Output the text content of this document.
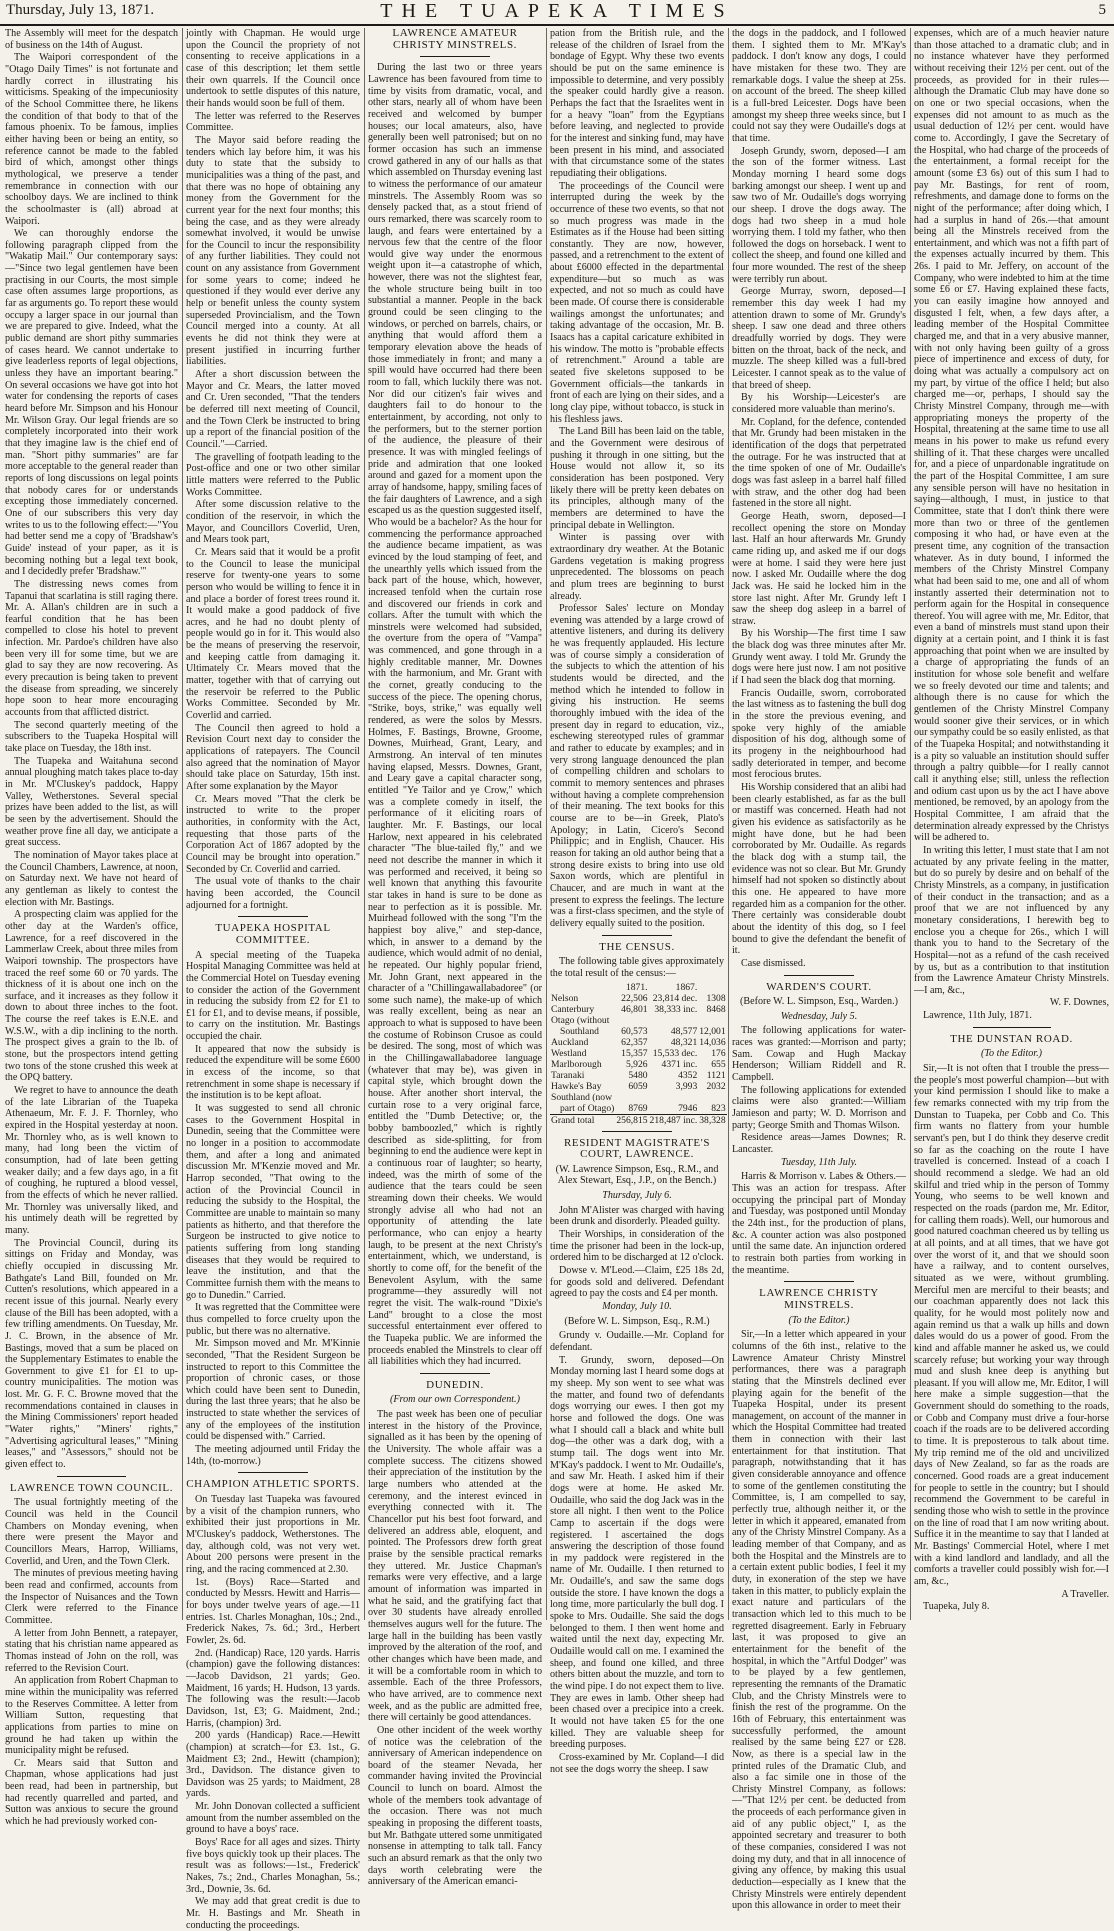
Thursday, July 13, 1871.	THE TUAPEKA TIMES	5

The Assembly will meet for the despatch of business on the 14th of August.

The Waipori correspondent of the "Otago Daily Times" is not fortunate and hardly correct in illustrating his witticisms. Speaking of the impecuniosity of the School Committee there, he likens the condition of that body to that of the famous phoenix. To be famous, implies either having been or being an entity, so reference cannot be made to the fabled bird of which, amongst other things mythological, we preserve a tender remembrance in connection with our schoolboy days. We are inclined to think the schoolmaster is (all) abroad at Waipori.

We can thoroughly endorse the following paragraph clipped from the "Wakatip Mail." Our contemporary says:—"Since two legal gentlemen have been practising in our Courts, the most simple case often assumes large proportions, as far as arguments go. To report these would occupy a larger space in our journal than we are prepared to give. Indeed, what the public demand are short pithy summaries of cases heard. We cannot undertake to give leaderless reports of legal objections, unless they have an important bearing." On several occasions we have got into hot water for condensing the reports of cases heard before Mr. Simpson and his Honour Mr. Wilson Gray. Our legal friends are so completely incorporated into their work that they imagine law is the chief end of man. "Short pithy summaries" are far more acceptable to the general reader than reports of long discussions on legal points that nobody cares for or understands excepting those immediately concerned. One of our subscribers this very day writes to us to the following effect:—"You had better send me a copy of 'Bradshaw's Guide' instead of your paper, as it is becoming nothing but a legal text book, and I decidedly prefer 'Bradshaw.'"

The distressing news comes from Tapanui that scarlatina is still raging there. Mr. A. Allan's children are in such a fearful condition that he has been compelled to close his hotel to prevent infection. Mr. Pardoe's children have also been very ill for some time, but we are glad to say they are now recovering. As every precaution is being taken to prevent the disease from spreading, we sincerely hope soon to hear more encouraging accounts from that afflicted district.

The second quarterly meeting of the subscribers to the Tuapeka Hospital will take place on Tuesday, the 18th inst.

The Tuapeka and Waitahuna second annual ploughing match takes place to-day in Mr. M'Cluskey's paddock, Happy Valley, Wetherstones. Several special prizes have been added to the list, as will be seen by the advertisement. Should the weather prove fine all day, we anticipate a great success.

The nomination of Mayor takes place at the Council Chambers, Lawrence, at noon, on Saturday next. We have not heard of any gentleman as likely to contest the election with Mr. Bastings.

A prospecting claim was applied for the other day at the Warden's office, Lawrence, for a reef discovered in the Lammerlaw Creek, about three miles from Waipori township. The prospectors have traced the reef some 60 or 70 yards. The thickness of it is about one inch on the surface, and it increases as they follow it down to about three inches to the foot. The course the reef takes is E.N.E. and W.S.W., with a dip inclining to the north. The prospect gives a grain to the lb. of stone, but the prospectors intend getting two tons of the stone crushed this week at the OPQ battery.

We regret to have to announce the death of the late Librarian of the Tuapeka Athenaeum, Mr. F. J. F. Thornley, who expired in the Hospital yesterday at noon. Mr. Thornley who, as is well known to many, had long been the victim of consumption, had of late been getting weaker daily; and a few days ago, in a fit of coughing, he ruptured a blood vessel, from the effects of which he never rallied. Mr. Thornley was universally liked, and his untimely death will be regretted by many.

The Provincial Council, during its sittings on Friday and Monday, was chiefly occupied in discussing Mr. Bathgate's Land Bill, founded on Mr. Cutten's resolutions, which appeared in a recent issue of this journal. Nearly every clause of the Bill has been adopted, with a few trifling amendments. On Tuesday, Mr. J. C. Brown, in the absence of Mr. Bastings, moved that a sum be placed on the Supplementary Estimates to enable the Government to give £1 for £1 to up-country municipalities. The motion was lost. Mr. G. F. C. Browne moved that the recommendations contained in clauses in the Mining Commissioners' report headed "Water rights," "Miners' rights," "Advertising agricultural leases," "Mining leases," and "Assessors," should not be given effect to.

LAWRENCE TOWN COUNCIL.

The usual fortnightly meeting of the Council was held in the Council Chambers on Monday evening, when there were present the Mayor and Councillors Mears, Harrop, Williams, Coverlid, and Uren, and the Town Clerk.

The minutes of previous meeting having been read and confirmed, accounts from the Inspector of Nuisances and the Town Clerk were referred to the Finance Committee.

A letter from John Bennett, a ratepayer, stating that his christian name appeared as Thomas instead of John on the roll, was referred to the Revision Court.

An application from Robert Chapman to mine within the municipality was referred to the Reserves Committee. A letter from William Sutton, requesting that applications from parties to mine on ground he had taken up within the municipality might be refused.

Cr. Mears said that Sutton and Chapman, whose applications had just been read, had been in partnership, but had recently quarrelled and parted, and Sutton was anxious to secure the ground which he had previously worked con-

jointly with Chapman. He would urge upon the Council the propriety of not consenting to receive applications in a case of this description; let them settle their own quarrels. If the Council once undertook to settle disputes of this nature, their hands would soon be full of them.

The letter was referred to the Reserves Committee.

The Mayor said before reading the tenders which lay before him, it was his duty to state that the subsidy to municipalities was a thing of the past, and that there was no hope of obtaining any money from the Government for the current year for the next four months; this being the case, and as they were already somewhat involved, it would be unwise for the Council to incur the responsibility of any further liabilities. They could not count on any assistance from Government for some years to come; indeed he questioned if they would ever derive any help or benefit unless the county system superseded Provincialism, and the Town Council merged into a county. At all events he did not think they were at present justified in incurring further liabilities.

After a short discussion between the Mayor and Cr. Mears, the latter moved and Cr. Uren seconded, "That the tenders be deferred till next meeting of Council, and the Town Clerk be instructed to bring up a report of the financial position of the Council."—Carried.

The gravelling of footpath leading to the Post-office and one or two other similar little matters were referred to the Public Works Committee.

After some discussion relative to the condition of the reservoir, in which the Mayor, and Councillors Coverlid, Uren, and Mears took part,

Cr. Mears said that it would be a profit to the Council to lease the municipal reserve for twenty-one years to some person who would be willing to fence it in and place a border of forest trees round it. It would make a good paddock of five acres, and he had no doubt plenty of people would go in for it. This would also be the means of preserving the reservoir, and keeping cattle from damaging it. Ultimately Cr. Mears moved that the matter, together with that of carrying out the reservoir be referred to the Public Works Committee. Seconded by Mr. Coverlid and carried.

The Council then agreed to hold a Revision Court next day to consider the applications of ratepayers. The Council also agreed that the nomination of Mayor should take place on Saturday, 15th inst. After some explanation by the Mayor

Cr. Mears moved "That the clerk be instructed to write to the proper authorities, in conformity with the Act, requesting that those parts of the Corporation Act of 1867 adopted by the Council may be brought into operation." Seconded by Cr. Coverlid and carried.

The usual vote of thanks to the chair having been accorded, the Council adjourned for a fortnight.

TUAPEKA HOSPITAL COMMITTEE.

A special meeting of the Tuapeka Hospital Managing Committee was held at the Commercial Hotel on Tuesday evening to consider the action of the Government in reducing the subsidy from £2 for £1 to £1 for £1, and to devise means, if possible, to carry on the institution. Mr. Bastings occupied the chair.

It appeared that now the subsidy is reduced the expenditure will be some £600 in excess of the income, so that retrenchment in some shape is necessary if the institution is to be kept afloat.

It was suggested to send all chronic cases to the Government Hospital in Dunedin, seeing that the Committee were no longer in a position to accommodate them, and after a long and animated discussion Mr. M'Kenzie moved and Mr. Harrop seconded, "That owing to the action of the Provincial Council in reducing the subsidy to the Hospital, the Committee are unable to maintain so many patients as hitherto, and that therefore the Surgeon be instructed to give notice to patients suffering from long standing diseases that they would be required to leave the institution, and that the Committee furnish them with the means to go to Dunedin." Carried.

It was regretted that the Committee were thus compelled to force cruelty upon the public, but there was no alternative.

Mr. Simpson moved and Mr. M'Kinnie seconded, "That the Resident Surgeon be instructed to report to this Committee the proportion of chronic cases, or those which could have been sent to Dunedin, during the last three years; that he also be instructed to state whether the services of any of the employees of the institution could be dispensed with." Carried.

The meeting adjourned until Friday the 14th, (to-morrow.)

CHAMPION ATHLETIC SPORTS.

On Tuesday last Tuapeka was favoured by a visit of the champion runners, who exhibited their just proportions in Mr. M'Cluskey's paddock, Wetherstones. The day, although cold, was not very wet. About 200 persons were present in the ring, and the racing commenced at 2.30.

1st. (Boys) Race—Started and conducted by Messrs. Hewitt and Harris—for boys under twelve years of age.—11 entries. 1st. Charles Monaghan, 10s.; 2nd., Frederick Nakes, 7s. 6d.; 3rd., Herbert Fowler, 2s. 6d.

2nd. (Handicap) Race, 120 yards. Harris (champion) gave the following distances:—Jacob Davidson, 21 yards; Geo. Maidment, 16 yards; H. Hudson, 13 yards. The following was the result:—Jacob Davidson, 1st, £3; G. Maidment, 2nd.; Harris, (champion) 3rd.

200 yards (Handicap) Race.—Hewitt (champion) at scratch—for £3. 1st., G. Maidment £3; 2nd., Hewitt (champion); 3rd., Davidson. The distance given to Davidson was 25 yards; to Maidment, 28 yards.

Mr. John Donovan collected a sufficient amount from the number assembled on the ground to have a boys' race.

Boys' Race for all ages and sizes. Thirty five boys quickly took up their places. The result was as follows:—1st., Frederick' Nakes, 7s.; 2nd., Charles Monaghan, 5s.; 3rd., Downie, 3s. 6d.

We may add that great credit is due to Mr. H. Bastings and Mr. Sheath in conducting the proceedings.

LAWRENCE AMATEUR CHRISTY MINSTRELS.

During the last two or three years Lawrence has been favoured from time to time by visits from dramatic, vocal, and other stars, nearly all of whom have been received and welcomed by bumper houses; our local amateurs, also, have generally been well patronised; but on no former occasion has such an immense crowd gathered in any of our halls as that which assembled on Thursday evening last to witness the performance of our amateur minstrels. The Assembly Room was so densely packed that, as a stout friend of ours remarked, there was scarcely room to laugh, and fears were entertained by a nervous few that the centre of the floor would give way under the enormous weight upon it—a catastrophe of which, however, there was not the slightest fear, the whole structure being built in too substantial a manner. People in the back ground could be seen clinging to the windows, or perched on barrels, chairs, or anything that would afford them a temporary elevation above the heads of those immediately in front; and many a spill would have occurred had there been room to fall, which luckily there was not. Nor did our citizen's fair wives and daughters fail to do honour to the entertainment, by according, not only to the performers, but to the sterner portion of the audience, the pleasure of their presence. It was with mingled feelings of pride and admiration that one looked around and gazed for a moment upon the array of handsome, happy, smiling faces of the fair daughters of Lawrence, and a sigh escaped us as the question suggested itself, Who would be a bachelor? As the hour for commencing the performance approached the audience became impatient, as was evinced by the loud stamping of feet, and the unearthly yells which issued from the back part of the house, which, however, increased tenfold when the curtain rose and discovered our friends in cork and collars. After the tumult with which the minstrels were welcomed had subsided, the overture from the opera of "Vampa" was commenced, and gone through in a highly creditable manner, Mr. Downes with the harmonium, and Mr. Grant with the cornet, greatly conducing to the success of the piece. The opening chorus, "Strike, boys, strike," was equally well rendered, as were the solos by Messrs. Holmes, F. Bastings, Browne, Groome, Downes, Muirhead, Grant, Leary, and Armstrong. An interval of ten minutes having elapsed, Messrs. Downes, Grant, and Leary gave a capital character song, entitled "Ye Tailor and ye Crow," which was a complete comedy in itself, the performance of it eliciting roars of laughter. Mr. F. Bastings, our local Harlow, next appeared in his celebrated character "The blue-tailed fly," and we need not describe the manner in which it was performed and received, it being so well known that anything this favourite star takes in hand is sure to be done as near to perfection as it is possible. Mr. Muirhead followed with the song "I'm the happiest boy alive," and step-dance, which, in answer to a demand by the audience, which would admit of no denial, he repeated. Our highly popular friend, Mr. John Grant, next appeared in the character of a "Chillingawallabadoree" (or some such name), the make-up of which was really excellent, being as near an approach to what is supposed to have been the costume of Robinson Crusoe as could be desired. The song, most of which was in the Chillingawallabadoree language (whatever that may be), was given in capital style, which brought down the house. After another short interval, the curtain rose to a very original farce, entitled the "Dumb Detective; or, the bobby bamboozled," which is rightly described as side-splitting, for from beginning to end the audience were kept in a continuous roar of laughter; so hearty, indeed, was the mirth of some of the audience that the tears could be seen streaming down their cheeks. We would strongly advise all who had not an opportunity of attending the late performance, who can enjoy a hearty laugh, to be present at the next Christy's entertainment, which, we understand, is shortly to come off, for the benefit of the Benevolent Asylum, with the same programme—they assuredly will not regret the visit. The walk-round "Dixie's Land" brought to a close the most successful entertainment ever offered to the Tuapeka public. We are informed the proceeds enabled the Minstrels to clear off all liabilities which they had incurred.

DUNEDIN.
(From our own Correspondent.)

The past week has been one of peculiar interest in the history of the Province, signalled as it has been by the opening of the University. The whole affair was a complete success. The citizens showed their appreciation of the institution by the large numbers who attended at the ceremony, and the interest evinced in everything connected with it. The Chancellor put his best foot forward, and delivered an address able, eloquent, and pointed. The Professors drew forth great praise by the sensible practical remarks they uttered. Mr. Justice Chapman's remarks were very effective, and a large amount of information was imparted in what he said, and the gratifying fact that over 30 students have already enrolled themselves augurs well for the future. The large hall in the building has been vastly improved by the alteration of the roof, and other changes which have been made, and it will be a comfortable room in which to assemble. Each of the three Professors, who have arrived, are to commence next week, and as the public are admitted free, there will certainly be good attendances.

One other incident of the week worthy of notice was the celebration of the anniversary of American independence on board of the steamer Nevada, her commander having invited the Provincial Council to lunch on board. Almost the whole of the members took advantage of the occasion. There was not much speaking in proposing the different toasts, but Mr. Bathgate uttered some unmitigated nonsense in attempting to talk tall. Fancy such an absurd remark as that the only two days worth celebrating were the anniversary of the American emanci-

pation from the British rule, and the release of the children of Israel from the bondage of Egypt. Why these two events should be put on the same eminence is impossible to determine, and very possibly the speaker could hardly give a reason. Perhaps the fact that the Israelites went in for a heavy "loan" from the Egyptians before leaving, and neglected to provide for the interest and sinking fund, may have been present in his mind, and associated with that circumstance some of the states repudiating their obligations.

The proceedings of the Council were interrupted during the week by the occurrence of these two events, so that not so much progress was made in the Estimates as if the House had been sitting constantly. They are now, however, passed, and a retrenchment to the extent of about £6000 effected in the departmental expenditure—but so much as was expected, and not so much as could have been made. Of course there is considerable wailings amongst the unfortunates; and taking advantage of the occasion, Mr. B. Isaacs has a capital caricature exhibited in his window. The motto is "probable effects of retrenchment." Around a table are seated five skeletons supposed to be Government officials—the tankards in front of each are lying on their sides, and a long clay pipe, without tobacco, is stuck in his fleshless jaws.

The Land Bill has been laid on the table, and the Government were desirous of pushing it through in one sitting, but the House would not allow it, so its consideration has been postponed. Very likely there will be pretty keen debates on its principles, although many of the members are determined to have the principal debate in Wellington.

Winter is passing over with extraordinary dry weather. At the Botanic Gardens vegetation is making progress unprecedented. The blossoms on peach and plum trees are beginning to burst already.

Professor Sales' lecture on Monday evening was attended by a large crowd of attentive listeners, and during its delivery he was frequently applauded. His lecture was of course simply a consideration of the subjects to which the attention of his students would be directed, and the method which he intended to follow in giving his instruction. He seems thoroughly imbued with the idea of the present day in regard to education, viz., eschewing stereotyped rules of grammar and rather to educate by examples; and in very strong language denounced the plan of compelling children and scholars to commit to memory sentences and phrases without having a complete comprehension of their meaning. The text books for this course are to be—in Greek, Plato's Apology; in Latin, Cicero's Second Philippic; and in English, Chaucer. His reason for taking an old author being that a strong desire exists to bring into use old Saxon words, which are plentiful in Chaucer, and are much in want at the present to express the feelings. The lecture was a first-class specimen, and the style of delivery equally suited to the position.

THE CENSUS.

The following table gives approximately the total result of the census:—

	1871.	1867.	
Nelson	22,506	23,814 dec.	1308
Canterbury	46,801	38,333 inc.	8468
Otago (without			
Southland	60,573	48,577	12,001
Auckland	62,357	48,321	14,036
Westland	15,357	15,533 dec.	176
Marlborough	5,926	4371 inc.	655
Taranaki	5480	4352	1121
Hawke's Bay	6059	3,993	2032
Southland (now			
part of Otago)	8769	7946	823
Grand total	256,815	218,487 inc.	38,328
RESIDENT MAGISTRATE'S COURT, LAWRENCE.
(W. Lawrence Simpson, Esq., R.M., and Alex Stewart, Esq., J.P., on the Bench.)
Thursday, July 6.

John M'Alister was charged with having been drunk and disorderly. Pleaded guilty.

Their Worships, in consideration of the time the prisoner had been in the lock-up, ordered him to be discharged at 12 o'clock.

Dowse v. M'Leod.—Claim, £25 18s 2d, for goods sold and delivered. Defendant agreed to pay the costs and £4 per month.

Monday, July 10.
(Before W. L. Simpson, Esq., R.M.)

Grundy v. Oudaille.—Mr. Copland for defendant.

T. Grundy, sworn, deposed—On Monday morning last I heard some dogs at my sheep. My son went to see what was the matter, and found two of defendants dogs worrying our ewes. I then got my horse and followed the dogs. One was what I should call a black and white bull dog—the other was a dark dog, with a stump tail. The dogs went into Mr. M'Kay's paddock. I went to Mr. Oudaille's, and saw Mr. Heath. I asked him if their dogs were at home. He asked Mr. Oudaille, who said the dog Jack was in the store all night. I then went to the Police Camp to ascertain if the dogs were registered. I ascertained the dogs answering the description of those found in my paddock were registered in the name of Mr. Oudaille. I then returned to Mr. Oudaille's, and saw the same dogs outside the store. I have known the dogs a long time, more particularly the bull dog. I spoke to Mrs. Oudaille. She said the dogs belonged to them. I then went home and waited until the next day, expecting Mr. Oudaille would call on me. I examined the sheep, and found one killed, and three others bitten about the muzzle, and torn to the wind pipe. I do not expect them to live. They are ewes in lamb. Other sheep had been chased over a precipice into a creek. It would not have taken £5 for the one killed. They are valuable sheep for breeding purposes.

Cross-examined by Mr. Copland—I did not see the dogs worry the sheep. I saw

the dogs in the paddock, and I followed them. I sighted them to Mr. M'Kay's paddock. I don't know any dogs, I could have mistaken for these two. They are remarkable dogs. I value the sheep at 25s. on account of the breed. The sheep killed is a full-bred Leicester. Dogs have been amongst my sheep three weeks since, but I could not say they were Oudaille's dogs at that time.

Joseph Grundy, sworn, deposed—I am the son of the former witness. Last Monday morning I heard some dogs barking amongst our sheep. I went up and saw two of Mr. Oudaille's dogs worrying our sheep. I drove the dogs away. The dogs had two sheep in a mud hole worrying them. I told my father, who then followed the dogs on horseback. I went to collect the sheep, and found one killed and four more wounded. The rest of the sheep were terribly run about.

George Murray, sworn, deposed—I remember this day week I had my attention drawn to some of Mr. Grundy's sheep. I saw one dead and three others dreadfully worried by dogs. They were bitten on the throat, back of the neck, and muzzle. The sheep killed was a full-bred Leicester. I cannot speak as to the value of that breed of sheep.

By his Worship—Leicester's are considered more valuable than merino's.

Mr. Copland, for the defence, contended that Mr. Grundy had been mistaken in the identification of the dogs that perpetrated the outrage. For he was instructed that at the time spoken of one of Mr. Oudaille's dogs was fast asleep in a barrel half filled with straw, and the other dog had been fastened in the store all night.

George Heath, sworn, deposed—I recollect opening the store on Monday last. Half an hour afterwards Mr. Grundy came riding up, and asked me if our dogs were at home. I said they were here just now. I asked Mr. Oudaille where the dog Jack was. He said he locked him in the store last night. After Mr. Grundy left I saw the sheep dog asleep in a barrel of straw.

By his Worship—The first time I saw the black dog was three minutes after Mr. Grundy went away. I told Mr. Grundy the dogs were here just now. I am not positive if I had seen the black dog that morning.

Francis Oudaille, sworn, corroborated the last witness as to fastening the bull dog in the store the previous evening, and spoke very highly of the amiable disposition of his dog, although some of its progeny in the neighbourhood had sadly deteriorated in temper, and become most ferocious brutes.

His Worship considered that an alibi had been clearly established, as far as the bull or mastiff was concerned. Heath had not given his evidence as satisfactorily as he might have done, but he had been corroborated by Mr. Oudaille. As regards the black dog with a stump tail, the evidence was not so clear. But Mr. Grundy himself had not spoken so distinctly about this one. He appeared to have more regarded him as a companion for the other. There certainly was considerable doubt about the identity of this dog, so I feel bound to give the defendant the benefit of it.

Case dismissed.

WARDEN'S COURT.
(Before W. L. Simpson, Esq., Warden.)
Wednesday, July 5.

The following applications for water-races was granted:—Morrison and party; Sam. Cowap and Hugh Mackay Henderson; William Riddell and R. Campbell.

The following applications for extended claims were also granted:—William Jamieson and party; W. D. Morrison and party; George Smith and Thomas Wilson.

Residence areas—James Downes; R. Lancaster.

Tuesday, 11th July.

Harris & Morrison v. Labes & Others.—This was an action for trespass. After occupying the principal part of Monday and Tuesday, was postponed until Monday the 24th inst., for the production of plans, &c. A counter action was also postponed until the same date. An injunction ordered to restrain both parties from working in the meantime.

LAWRENCE CHRISTY MINSTRELS.
(To the Editor.)

Sir,—In a letter which appeared in your columns of the 6th inst., relative to the Lawrence Amateur Christy Minstrel performances, there was a paragraph stating that the Minstrels declined ever playing again for the benefit of the Tuapeka Hospital, under its present management, on account of the manner in which the Hospital Committee had treated them in connection with their last entertainment for that institution. That paragraph, notwithstanding that it has given considerable annoyance and offence to some of the gentlemen constituting the Committee, is, I am compelled to say, perfectly true, although neither it, or the letter in which it appeared, emanated from any of the Christy Minstrel Company. As a leading member of that Company, and as both the Hospital and the Minstrels are to a certain extent public bodies, I feel it my duty, in exoneration of the step we have taken in this matter, to publicly explain the exact nature and particulars of the transaction which led to this much to be regretted disagreement. Early in February last, it was proposed to give an entertainment for the benefit of the hospital, in which the "Artful Dodger" was to be played by a few gentlemen, representing the remnants of the Dramatic Club, and the Christy Minstrels were to finish the rest of the programme. On the 16th of February, this entertainment was successfully performed, the amount realised by the same being £27 or £28. Now, as there is a special law in the printed rules of the Dramatic Club, and also a fac simile one in those of the Christy Minstrel Company, as follows:—"That 12½ per cent. be deducted from the proceeds of each performance given in aid of any public object," I, as the appointed secretary and treasurer to both of these companies, considered I was not doing my duty, and that in all innocence of giving any offence, by making this usual deduction—especially as I knew that the Christy Minstrels were entirely dependent upon this allowance in order to meet their

expenses, which are of a much heavier nature than those attached to a dramatic club; and in no instance whatever have they performed without receiving their 12½ per cent. out of the proceeds, as provided for in their rules—although the Dramatic Club may have done so on one or two special occasions, when the expenses did not amount to as much as the usual deduction of 12½ per cent. would have come to. Accordingly, I gave the Secretary of the Hospital, who had charge of the proceeds of the entertainment, a formal receipt for the amount (some £3 6s) out of this sum I had to pay Mr. Bastings, for rent of room, refreshments, and damage done to forms on the night of the performance; after doing which, I had a surplus in hand of 26s.—that amount being all the Minstrels received from the entertainment, and which was not a fifth part of the expenses actually incurred by them. This 26s. I paid to Mr. Jeffery, on account of the Company, who were indebted to him at the time some £6 or £7. Having explained these facts, you can easily imagine how annoyed and disgusted I felt, when, a few days after, a leading member of the Hospital Committee charged me, and that in a very abusive manner, with not only having been guilty of a gross piece of impertinence and excess of duty, for doing what was actually a compulsory act on my part, by virtue of the office I held; but also charged me—or, perhaps, I should say the Christy Minstrel Company, through me—with appropriating moneys the property of the Hospital, threatening at the same time to use all means in his power to make us refund every shilling of it. That these charges were uncalled for, and a piece of unpardonable ingratitude on the part of the Hospital Committee, I am sure any sensible person will have no hesitation in saying—although, I must, in justice to that Committee, state that I don't think there were more than two or three of the gentlemen composing it who had, or have even at the present time, any cognition of the transaction whatever. As in duty bound, I informed the members of the Christy Minstrel Company what had been said to me, one and all of whom instantly asserted their determination not to perform again for the Hospital in consequence thereof. You will agree with me, Mr. Editor, that even a band of minstrels must stand upon their dignity at a certain point, and I think it is fast approaching that point when we are insulted by a charge of appropriating the funds of an institution for whose sole benefit and welfare we so freely devoted our time and talents; and although there is no cause for which the gentlemen of the Christy Minstrel Company would sooner give their services, or in which our sympathy could be so easily enlisted, as that of the Tuapeka Hospital; and notwithstanding it is a pity so valuable an institution should suffer through a paltry quibble—for I really cannot call it anything else; still, unless the reflection and odium cast upon us by the act I have above mentioned, be removed, by an apology from the Hospital Committee, I am afraid that the determination already expressed by the Christys will be adhered to.

In writing this letter, I must state that I am not actuated by any private feeling in the matter, but do so purely by desire and on behalf of the Christy Minstrels, as a company, in justification of their conduct in the transaction; and as a proof that we are not influenced by any monetary considerations, I herewith beg to enclose you a cheque for 26s., which I will thank you to hand to the Secretary of the Hospital—not as a refund of the cash received by us, but as a contribution to that institution from the Lawrence Amateur Christy Minstrels.—I am, &c.,

W. F. Downes,

Lawrence, 11th July, 1871.

THE DUNSTAN ROAD.
(To the Editor.)

Sir,—It is not often that I trouble the press—the people's most powerful champion—but with your kind permission I should like to make a few remarks connected with my trip from the Dunstan to Tuapeka, per Cobb and Co. This firm wants no flattery from your humble servant's pen, but I do think they deserve credit so far as the coaching on the route I have travelled is concerned. Instead of a coach I should recommend a sledge. We had an old skilful and tried whip in the person of Tommy Young, who seems to be well known and respected on the roads (pardon me, Mr. Editor, for calling them roads). Well, our humorous and good natured coachman cheered us by telling us at all points, and at all times, that we have got over the worst of it, and that we should soon have a railway, and to content ourselves, situated as we were, without grumbling. Merciful men are merciful to their beasts; and our coachman apparently does not lack this quality, for he would most politely now and again remind us that a walk up hills and down dales would do us a power of good. From the kind and affable manner he asked us, we could scarcely refuse; but working your way through mud and slush knee deep is anything but pleasant. If you will allow me, Mr. Editor, I will here make a simple suggestion—that the Government should do something to the roads, or Cobb and Company must drive a four-horse coach if the roads are to be delivered according to time. It is preposterous to talk about time. My trip remind me of the old and uncivilized days of New Zealand, so far as the roads are concerned. Good roads are a great inducement for people to settle in the country; but I should recommend the Government to be careful in sending those who wish to settle in the province on the line of road that I am now writing about. Suffice it in the meantime to say that I landed at Mr. Bastings' Commercial Hotel, where I met with a kind landlord and landlady, and all the comforts a traveller could possibly wish for.—I am, &c.,

A Traveller.

Tuapeka, July 8.
